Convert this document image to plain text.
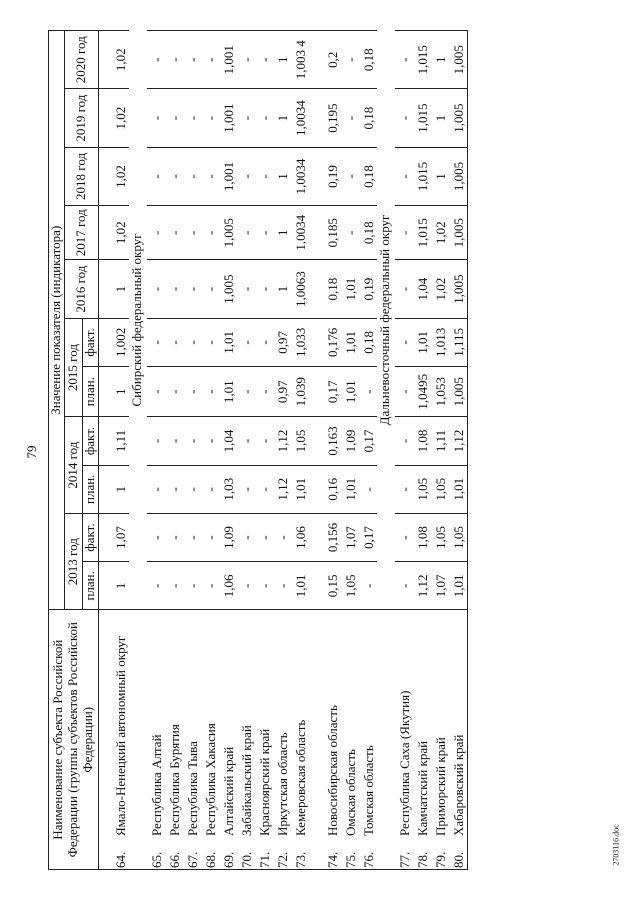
79
Наименование субъекта Российской Федерации (группы субъектов Российской Федерации)	Значение показателя (индикатора)										
	2013 год		2014 год		2015 год		2016 год	2017 год	2018 год	2019 год	2020 год
	план.	факт.	план.	факт.	план.	факт.					

64.Ямало-Ненецкий автономный округ	1	1,07	1	1,11	1	1,002	1	1,02	1,02	1,02	1,02
	Сибирский федеральный округ										
65.Республика Алтай	-	-	-	-	-	-	-	-	-	-	-
66.Республика Бурятия	-	-	-	-	-	-	-	-	-	-	-
67.Республика Тыва	-	-	-	-	-	-	-	-	-	-	-
68.Республика Хакасия	-	-	-	-	-	-	-	-	-	-	-
69.Алтайский край	1,06	1,09	1,03	1,04	1,01	1,01	1,005	1,005	1,001	1,001	1,001
70.Забайкальский край	-	-	-	-	-	-	-	-	-	-	-
71.Красноярский край	-	-	-	-	-	-	-	-	-	-	-
72.Иркутская область	-	-	1,12	1,12	0,97	0,97	1	1	1	1	1
73.Кемеровская область	1,01	1,06	1,01	1,05	1,039	1,033	1,0063	1,0034	1,0034	1,0034	1,003 4
74.Новосибирская область	0,15	0,156	0,16	0,163	0,17	0,176	0,18	0,185	0,19	0,195	0,2
75.Омская область	1,05	1,07	1,01	1,09	1,01	1,01	1,01	-	-	-	-
76.Томская область	-	0,17	-	0,17	-	0,18	0,19	0,18	0,18	0,18	0,18
	Дальневосточный федеральный округ										
77.Республика Саха (Якутия)	-	-	-	-	-	-	-	-	-	-	-
78.Камчатский край	1,12	1,08	1,05	1,08	1,0495	1,01	1,04	1,015	1,015	1,015	1,015
79.Приморский край	1,07	1,05	1,05	1,11	1,053	1,013	1,02	1,02	1	1	1
80.Хабаровский край	1,01	1,05	1,01	1,12	1,005	1,115	1,005	1,005	1,005	1,005	1,005
2703116.doc
